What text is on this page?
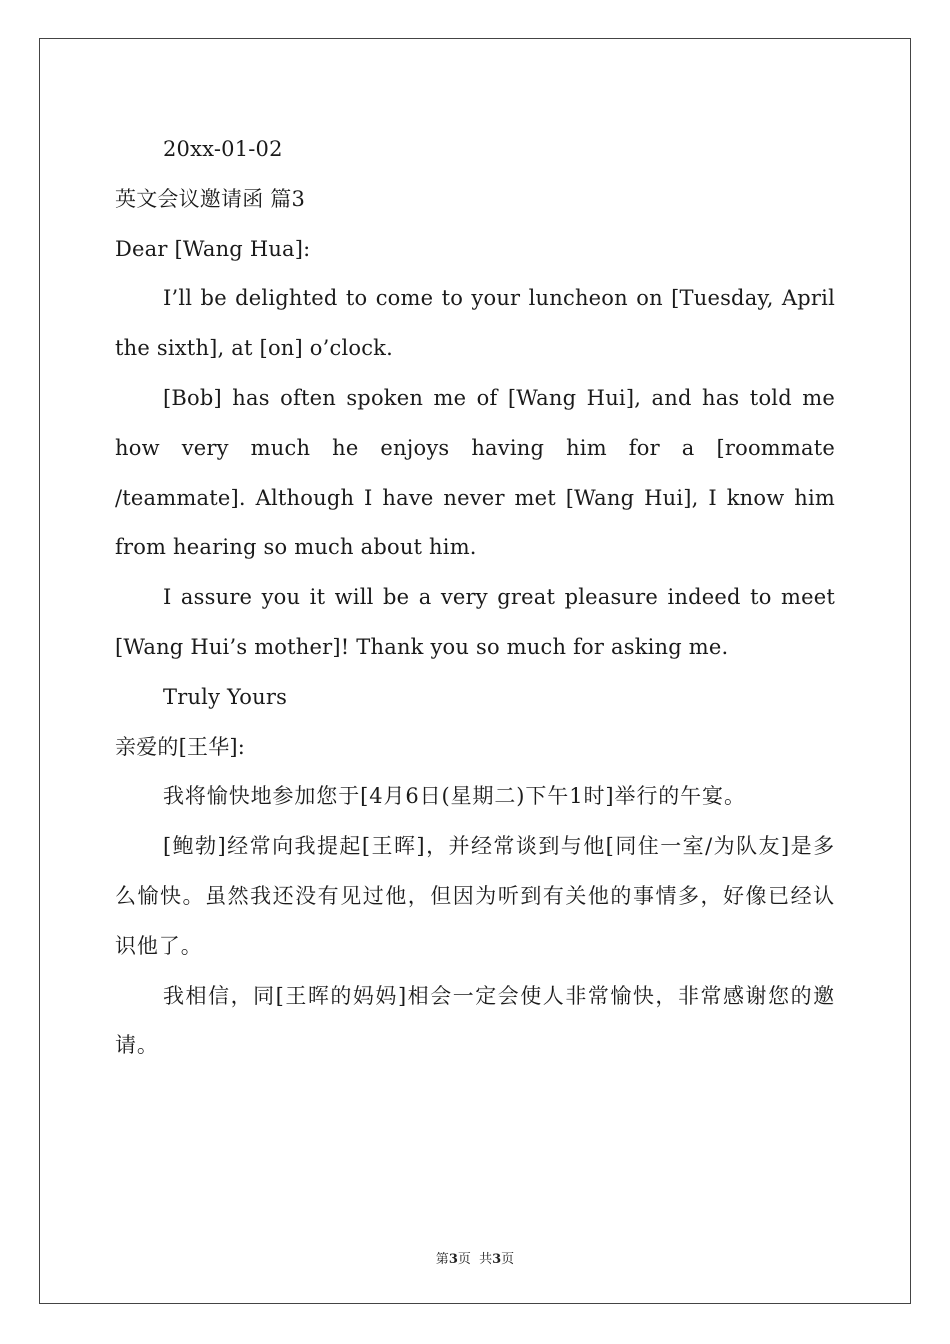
20xx-01-02
英文会议邀请函 篇3
Dear [Wang Hua]:

I’ll be delighted to come to your luncheon on [Tuesday, April the sixth], at [on] o’clock.

[Bob] has often spoken me of [Wang Hui], and has told me how very much he enjoys having him for a [roommate /teammate]. Although I have never met [Wang Hui], I know him from hearing so much about him.

I assure you it will be a very great pleasure indeed to meet [Wang Hui’s mother]! Thank you so much for asking me.

Truly Yours
亲爱的[王华]:

我将愉快地参加您于[4月6日(星期二)下午1时]举行的午宴。

[鲍勃]经常向我提起[王晖]，并经常谈到与他[同住一室/为队友]是多么愉快。虽然我还没有见过他，但因为听到有关他的事情多，好像已经认识他了。

我相信，同[王晖的妈妈]相会一定会使人非常愉快，非常感谢您的邀请。

第3页  共3页
